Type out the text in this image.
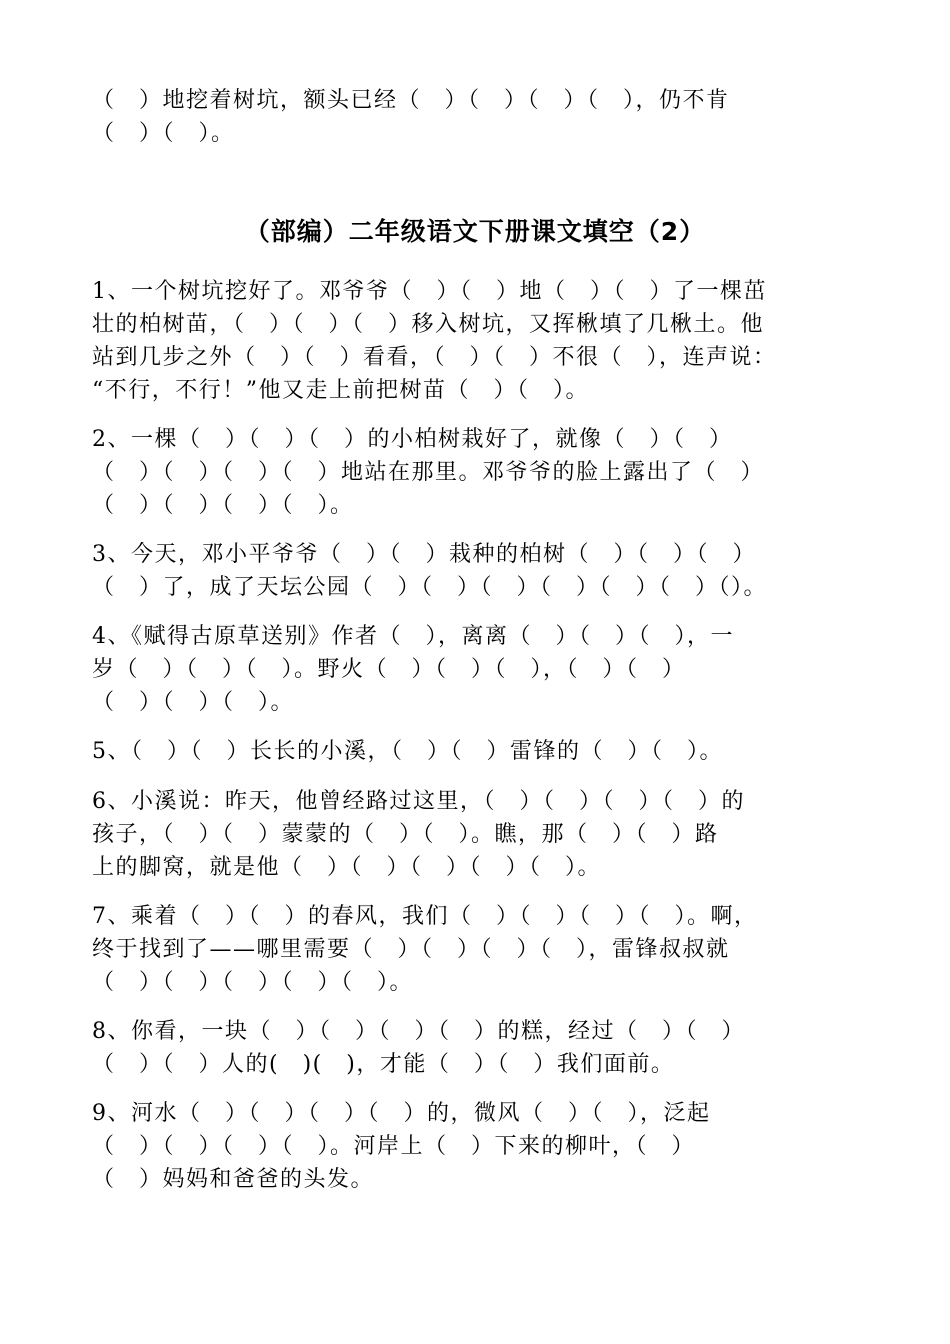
（　）地挖着树坑，额头已经（　）（　）（　）（　），仍不肯
（　）（　）。
（部编）二年级语文下册课文填空（2）
1、一个树坑挖好了。邓爷爷（　）（　）地（　）（　）了一棵茁
壮的柏树苗，（　）（　）（　）移入树坑，又挥楸填了几楸土。他
站到几步之外（　）（　）看看，（　）（　）不很（　），连声说：
“不行，不行！”他又走上前把树苗（　）（　）。
2、一棵（　）（　）（　）的小柏树栽好了，就像（　）（　）
（　）（　）（　）（　）地站在那里。邓爷爷的脸上露出了（　）
（　）（　）（　）（　）。
3、今天，邓小平爷爷（　）（　）栽种的柏树（　）（　）（　）
（　）了，成了天坛公园（　）（　）（　）（　）（　）（　）（）。
4、《赋得古原草送别》作者（　），离离（　）（　）（　），一
岁（　）（　）（　）。野火（　）（　）（　），（　）（　）
（　）（　）（　）。
5、（　）（　）长长的小溪，（　）（　）雷锋的（　）（　）。
6、小溪说：昨天，他曾经路过这里，（　）（　）（　）（　）的
孩子，（　）（　）蒙蒙的（　）（　）。瞧，那（　）（　）路
上的脚窝，就是他（　）（　）（　）（　）（　）。
7、乘着（　）（　）的春风，我们（　）（　）（　）（　）。啊，
终于找到了——哪里需要（　）（　）（　）（　），雷锋叔叔就
（　）（　）（　）（　）（　）。
8、你看，一块（　）（　）（　）（　）的糕，经过（　）（　）
（　）（　）人的(　)(　)，才能（　）（　）我们面前。
9、河水（　）（　）（　）（　）的，微风（　）（　），泛起
（　）（　）（　）（　）。河岸上（　）下来的柳叶，（　）
（　）妈妈和爸爸的头发。
